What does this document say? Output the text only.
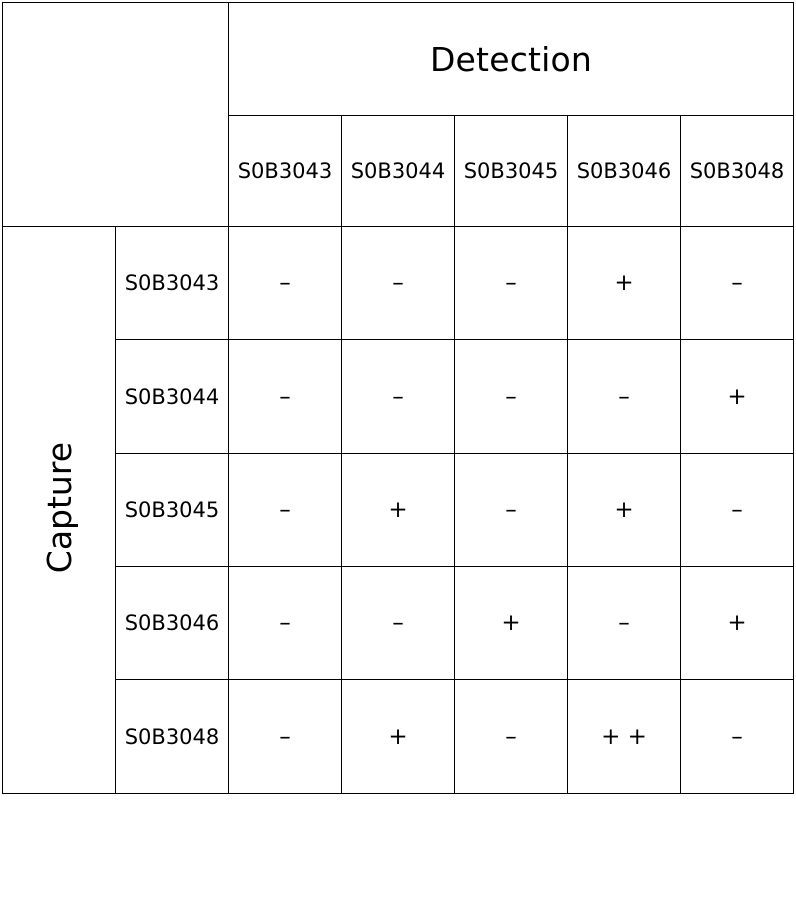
		Detection				
		S0B3043	S0B3044	S0B3045	S0B3046	S0B3048
Capture	S0B3043	–	–	–	+	–
	S0B3044	–	–	–	–	+
	S0B3045	–	+	–	+	–
	S0B3046	–	–	+	–	+
	S0B3048	–	+	–	+ +	–
